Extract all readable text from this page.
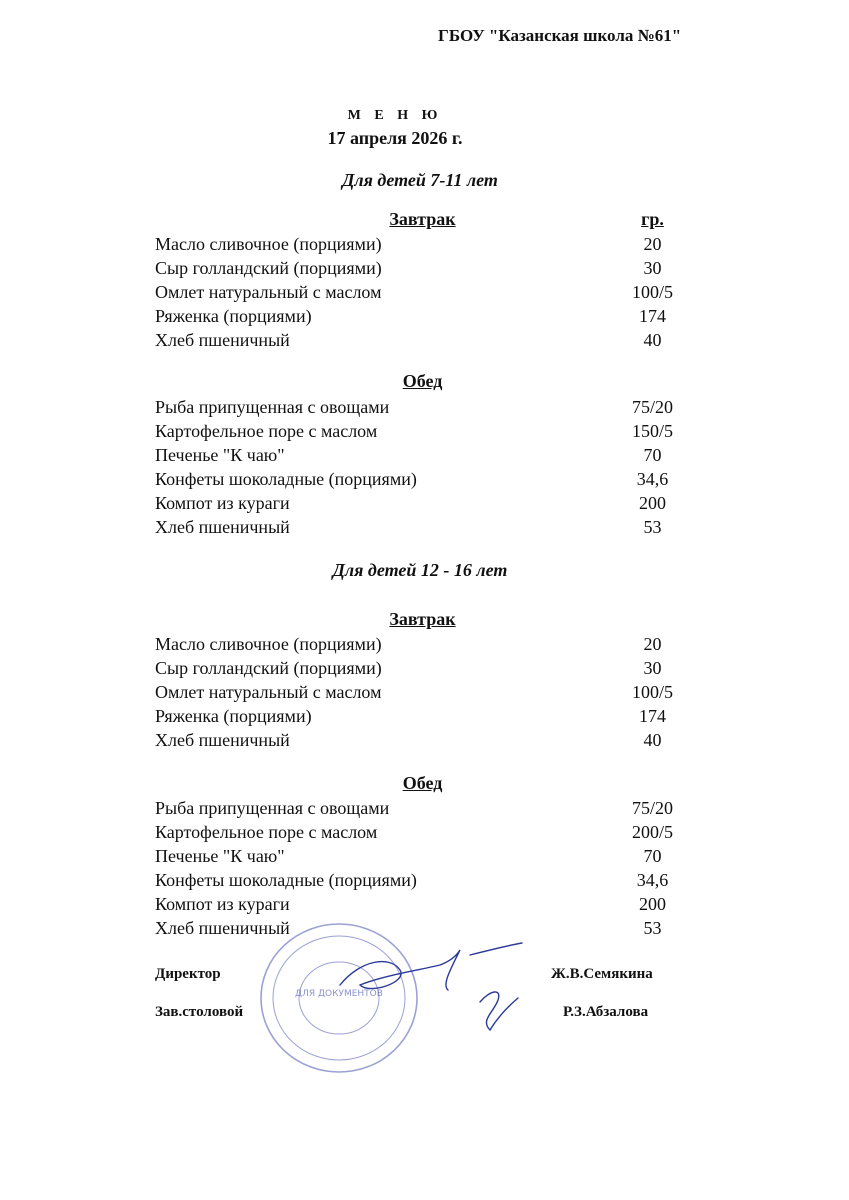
ГБОУ "Казанская школа №61"
М Е Н Ю
17 апреля 2026 г.
Для детей 7-11 лет
Завтрак	гр.
Масло сливочное (порциями)	20
Сыр голландский (порциями)	30
Омлет натуральный с маслом	100/5
Ряженка (порциями)	174
Хлеб пшеничный	40
Обед
Рыба припущенная с овощами	75/20
Картофельное поре с маслом	150/5
Печенье "К чаю"	70
Конфеты шоколадные (порциями)	34,6
Компот из кураги	200
Хлеб пшеничный	53
Для детей 12 - 16 лет
Завтрак
Масло сливочное (порциями)	20
Сыр голландский (порциями)	30
Омлет натуральный с маслом	100/5
Ряженка (порциями)	174
Хлеб пшеничный	40
Обед
Рыба припущенная с овощами	75/20
Картофельное поре с маслом	200/5
Печенье "К чаю"	70
Конфеты шоколадные (порциями)	34,6
Компот из кураги	200
Хлеб пшеничный	53
ДЛЯ ДОКУМЕНТОВ
Директор	Ж.В.Семякина
Зав.столовой	Р.З.Абзалова
